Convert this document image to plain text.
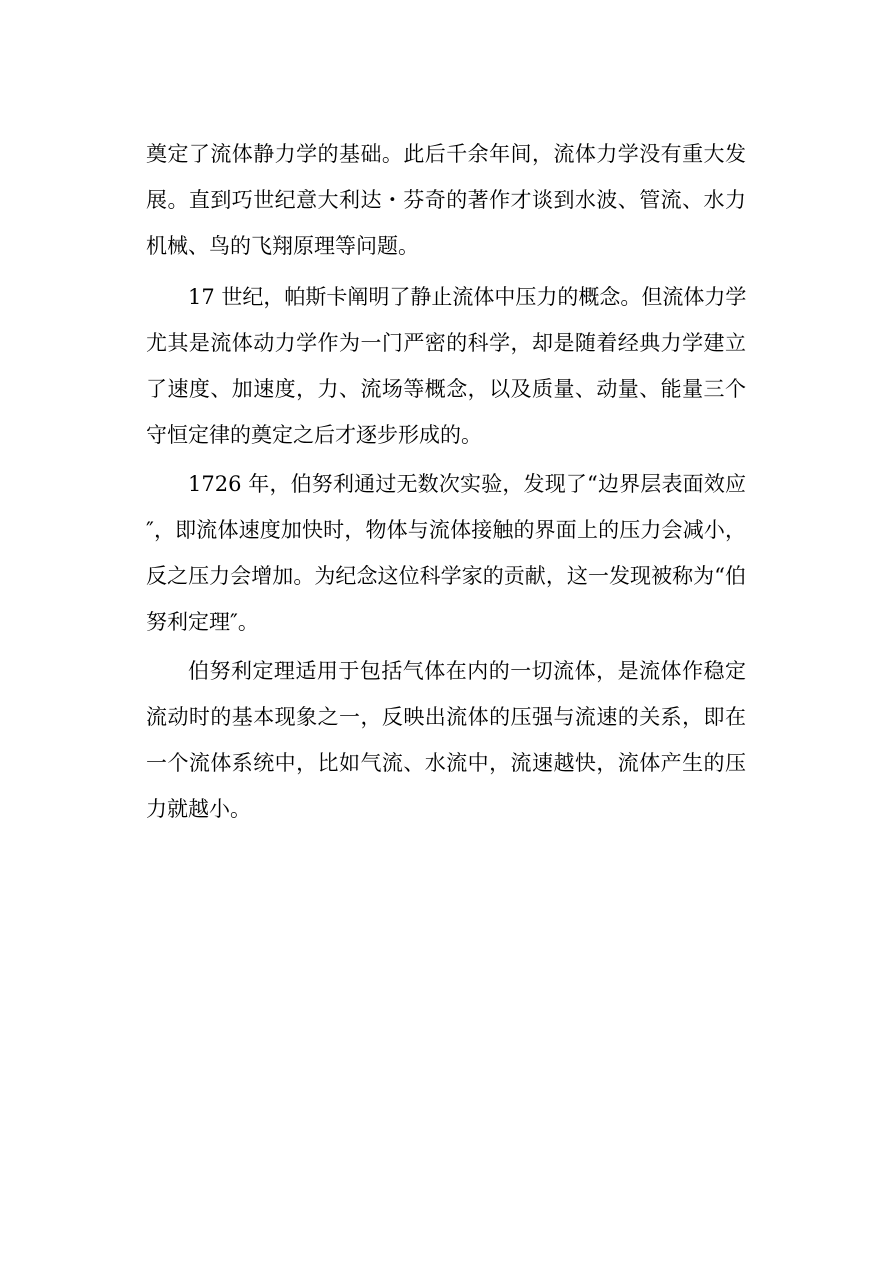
奠定了流体静力学的基础。此后千余年间，流体力学没有重大发
展。直到巧世纪意大利达・芬奇的著作才谈到水波、管流、水力
机械、鸟的飞翔原理等问题。
17 世纪，帕斯卡阐明了静止流体中压力的概念。但流体力学
尤其是流体动力学作为一门严密的科学，却是随着经典力学建立
了速度、加速度，力、流场等概念，以及质量、动量、能量三个
守恒定律的奠定之后才逐步形成的。
1726 年，伯努利通过无数次实验，发现了“边界层表面效应
″，即流体速度加快时，物体与流体接触的界面上的压力会减小，
反之压力会增加。为纪念这位科学家的贡献，这一发现被称为“伯
努利定理″。
伯努利定理适用于包括气体在内的一切流体，是流体作稳定
流动时的基本现象之一，反映出流体的压强与流速的关系，即在
一个流体系统中，比如气流、水流中，流速越快，流体产生的压
力就越小。
